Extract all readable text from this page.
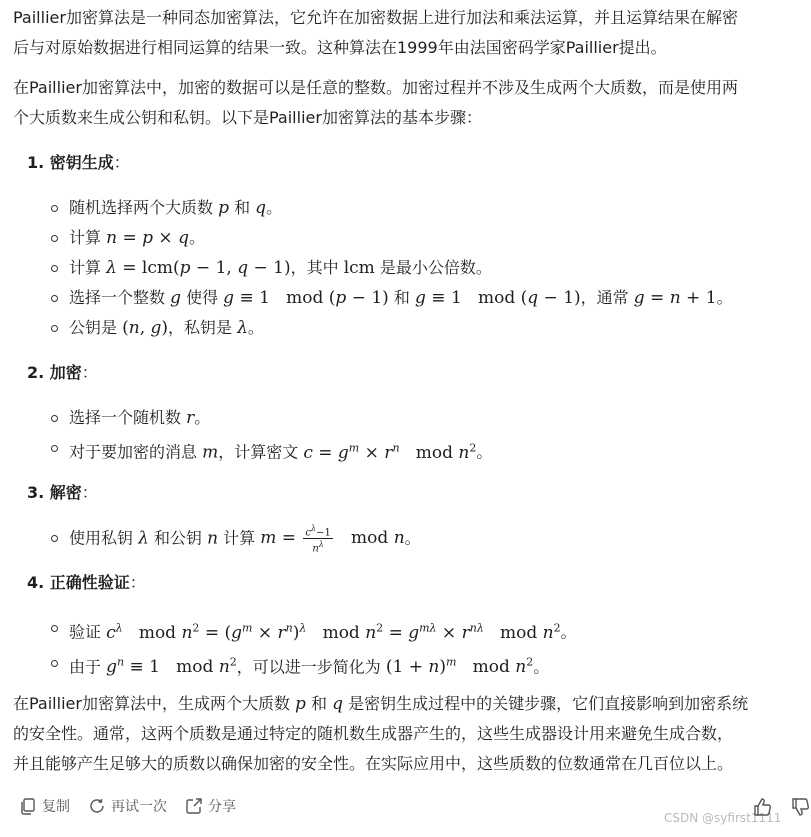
Paillier加密算法是一种同态加密算法，它允许在加密数据上进行加法和乘法运算，并且运算结果在解密
后与对原始数据进行相同运算的结果一致。这种算法在1999年由法国密码学家Paillier提出。
在Paillier加密算法中，加密的数据可以是任意的整数。加密过程并不涉及生成两个大质数，而是使用两
个大质数来生成公钥和私钥。以下是Paillier加密算法的基本步骤：
1. 密钥生成：
随机选择两个大质数 p 和 q。
计算 n = p × q。
计算 λ = lcm(p − 1, q − 1)，其中 lcm 是最小公倍数。
选择一个整数 g 使得 g ≡ 1   mod (p − 1) 和 g ≡ 1   mod (q − 1)，通常 g = n + 1。
公钥是 (n, g)，私钥是 λ。
2. 加密：
选择一个随机数 r。
对于要加密的消息 m，计算密文 $c = g^m \times r^n$   mod $n^2$。
3. 解密：
使用私钥 λ 和公钥 n 计算 $m = \frac{c^\lambda-1}{n^\lambda}$ mod n。
4. 正确性验证：
验证 $c^\lambda$   mod $n^2 = (g^m \times r^n)^\lambda$   mod $n^2 = g^{m\lambda} \times r^{n\lambda}$   mod $n^2$。
由于 $g^n \equiv 1$   mod $n^2$，可以进一步简化为 $(1 + n)^m$   mod $n^2$。
在Paillier加密算法中，生成两个大质数 p 和 q 是密钥生成过程中的关键步骤，它们直接影响到加密系统
的安全性。通常，这两个质数是通过特定的随机数生成器产生的，这些生成器设计用来避免生成合数，
并且能够产生足够大的质数以确保加密的安全性。在实际应用中，这些质数的位数通常在几百位以上。
复制	再试一次	分享
CSDN @syfirst1111
